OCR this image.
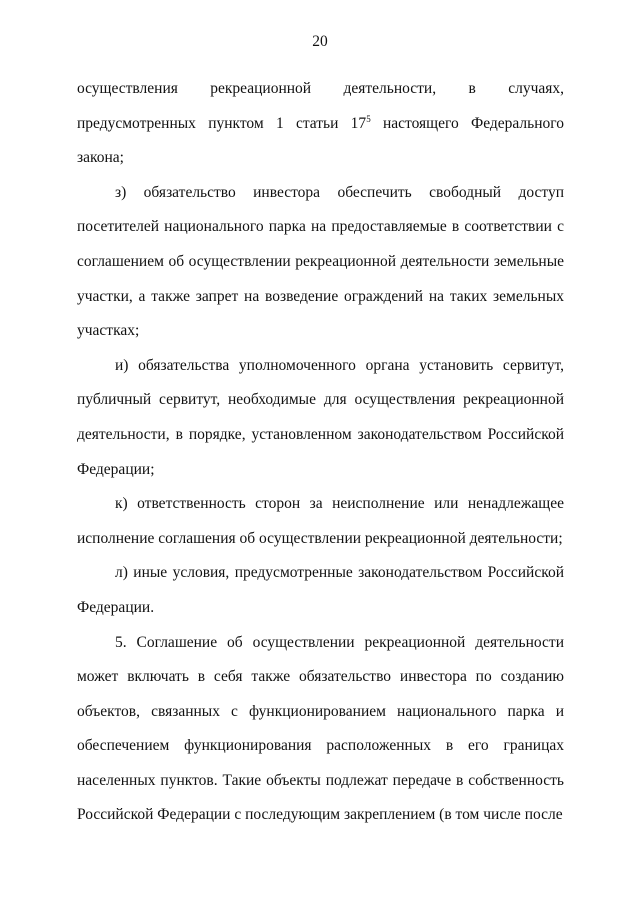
20

осуществления рекреационной деятельности, в случаях, предусмотренных пунктом 1 статьи $17^5$ настоящего Федерального закона;

з) обязательство инвестора обеспечить свободный доступ посетителей национального парка на предоставляемые в соответствии с соглашением об осуществлении рекреационной деятельности земельные участки, а также запрет на возведение ограждений на таких земельных участках;

и) обязательства уполномоченного органа установить сервитут, публичный сервитут, необходимые для осуществления рекреационной деятельности, в порядке, установленном законодательством Российской Федерации;

к) ответственность сторон за неисполнение или ненадлежащее исполнение соглашения об осуществлении рекреационной деятельности;

л) иные условия, предусмотренные законодательством Российской Федерации.

5. Соглашение об осуществлении рекреационной деятельности может включать в себя также обязательство инвестора по созданию объектов, связанных с функционированием национального парка и обеспечением функционирования расположенных в его границах населенных пунктов. Такие объекты подлежат передаче в собственность Российской Федерации с последующим закреплением (в том числе после
